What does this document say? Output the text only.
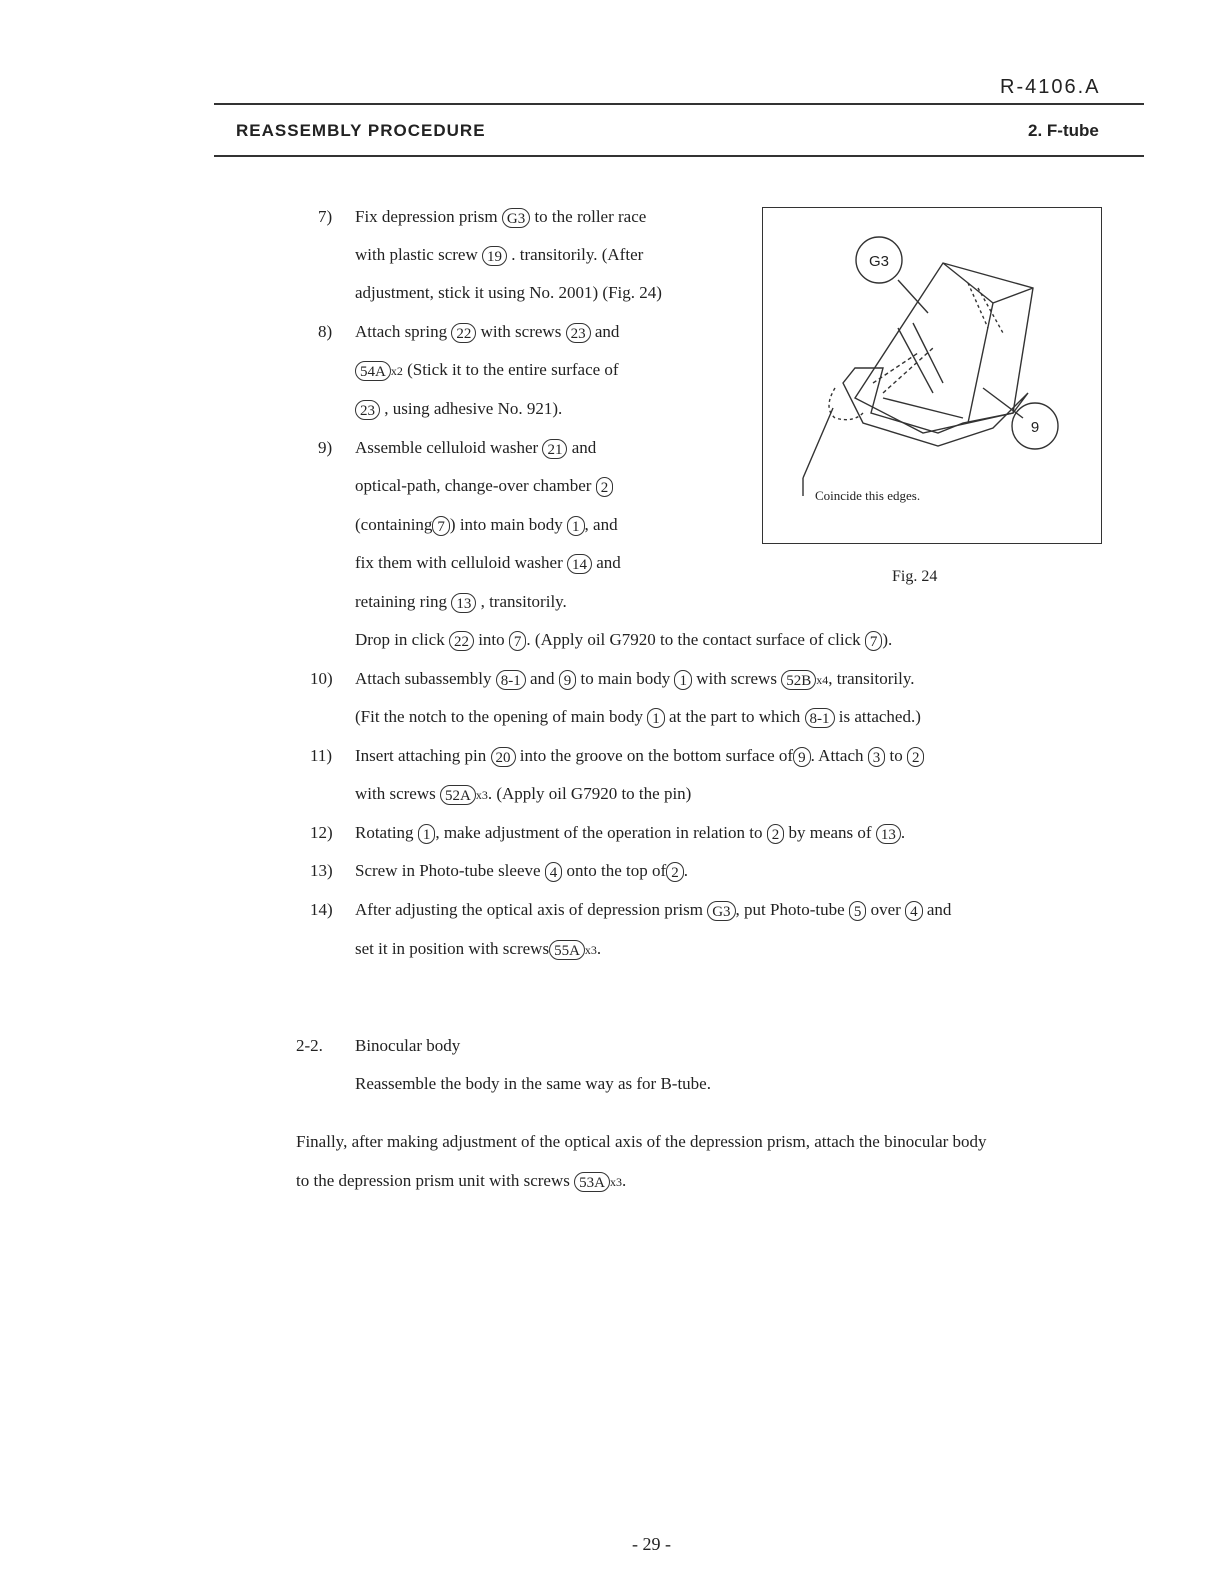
R-4106.A
REASSEMBLY PROCEDURE	2. F-tube
7) Fix depression prism G3 to the roller race
with plastic screw 19 . transitorily. (After
adjustment, stick it using No. 2001) (Fig. 24)
8) Attach spring 22 with screws 23 and
54A x2 (Stick it to the entire surface of
23 , using adhesive No. 921).
9) Assemble celluloid washer 21 and
optical-path, change-over chamber 2
(containing 7 ) into main body 1 , and
fix them with celluloid washer 14 and
retaining ring 13 , transitorily.
Drop in click 22 into 7 . (Apply oil G7920 to the contact surface of click 7 ).
10) Attach subassembly 8-1 and 9 to main body 1 with screws 52B x4, transitorily.
(Fit the notch to the opening of main body 1 at the part to which 8-1 is attached.)
11) Insert attaching pin 20 into the groove on the bottom surface of 9 . Attach 3 to 2
with screws 52A x3. (Apply oil G7920 to the pin)
12) Rotating 1 , make adjustment of the operation in relation to 2 by means of 13 .
13) Screw in Photo-tube sleeve 4 onto the top of 2 .
14) After adjusting the optical axis of depression prism G3 , put Photo-tube 5 over 4 and
set it in position with screws 55A x3.
2-2. Binocular body
Reassemble the body in the same way as for B-tube.
Finally, after making adjustment of the optical axis of the depression prism, attach the binocular body
to the depression prism unit with screws 53A x3.
G3
9
Coincide this edges.
Fig. 24
- 29 -
